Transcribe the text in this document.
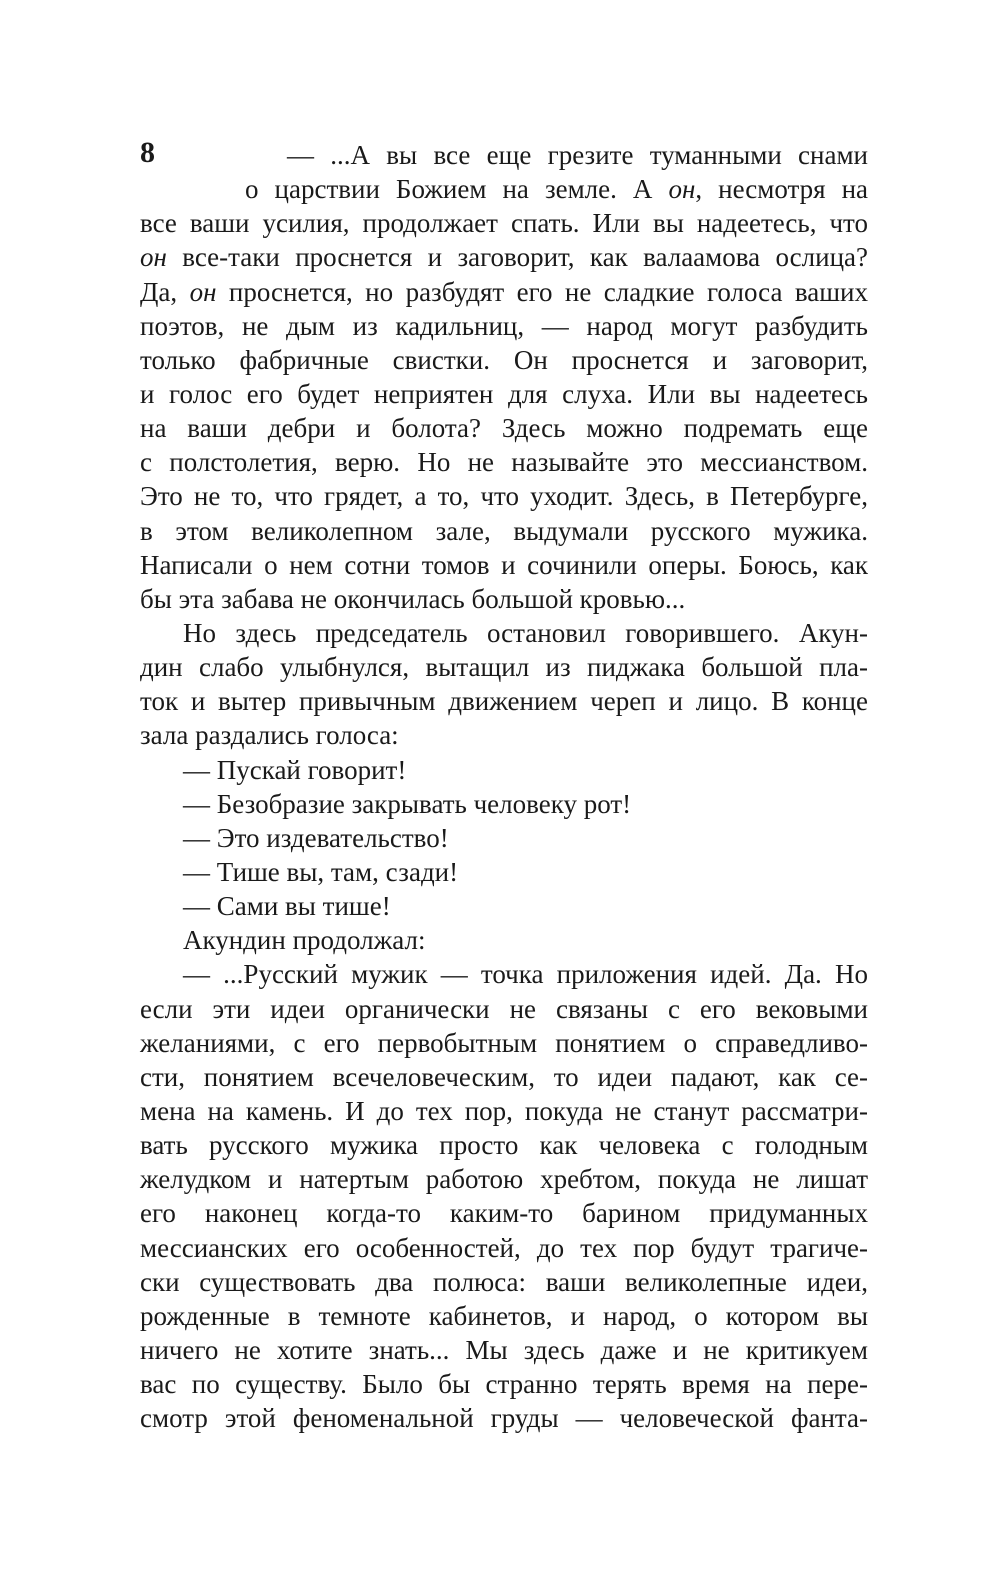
8	— ...А вы все еще грезите туманными снами
о царствии Божием на земле. А он, несмотря на
все ваши усилия, продолжает спать. Или вы надеетесь, что
он все-таки проснется и заговорит, как валаамова ослица?
Да, он проснется, но разбудят его не сладкие голоса ваших
поэтов, не дым из кадильниц, — народ могут разбудить
только фабричные свистки. Он проснется и заговорит,
и голос его будет неприятен для слуха. Или вы надеетесь
на ваши дебри и болота? Здесь можно подремать еще
с полстолетия, верю. Но не называйте это мессианством.
Это не то, что грядет, а то, что уходит. Здесь, в Петербурге,
в этом великолепном зале, выдумали русского мужика.
Написали о нем сотни томов и сочинили оперы. Боюсь, как
бы эта забава не окончилась большой кровью...
Но здесь председатель остановил говорившего. Акун-
дин слабо улыбнулся, вытащил из пиджака большой пла-
ток и вытер привычным движением череп и лицо. В конце
зала раздались голоса:
— Пускай говорит!
— Безобразие закрывать человеку рот!
— Это издевательство!
— Тише вы, там, сзади!
— Сами вы тише!
Акундин продолжал:
— ...Русский мужик — точка приложения идей. Да. Но
если эти идеи органически не связаны с его вековыми
желаниями, с его первобытным понятием о справедливо-
сти, понятием всечеловеческим, то идеи падают, как се-
мена на камень. И до тех пор, покуда не станут рассматри-
вать русского мужика просто как человека с голодным
желудком и натертым работою хребтом, покуда не лишат
его наконец когда-то каким-то барином придуманных
мессианских его особенностей, до тех пор будут трагиче-
ски существовать два полюса: ваши великолепные идеи,
рожденные в темноте кабинетов, и народ, о котором вы
ничего не хотите знать... Мы здесь даже и не критикуем
вас по существу. Было бы странно терять время на пере-
смотр этой феноменальной груды — человеческой фанта-
